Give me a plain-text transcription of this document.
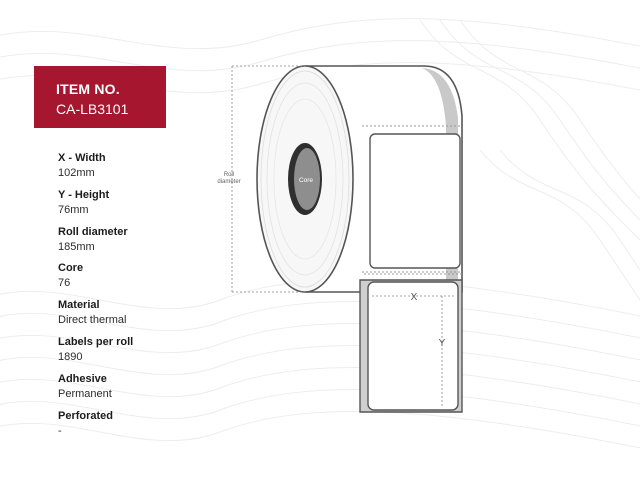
ITEM NO.
CA-LB3101
X - Width
102mm
Y - Height
76mm
Roll diameter
185mm
Core
76
Material
Direct thermal
Labels per roll
1890
Adhesive
Permanent
Perforated
-
Core
X
Y
Roll
diameter
